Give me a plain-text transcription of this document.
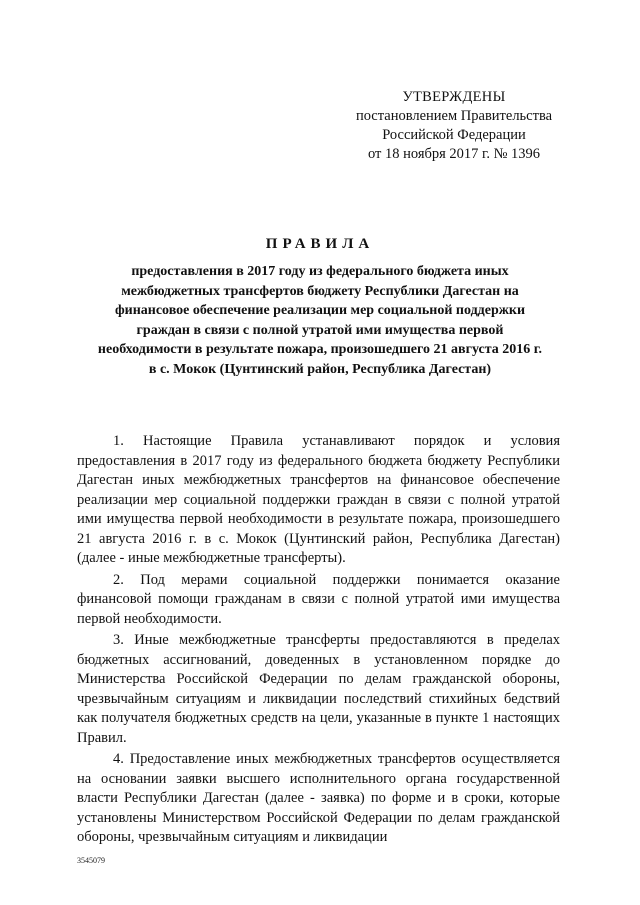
УТВЕРЖДЕНЫ
постановлением Правительства
Российской Федерации
от 18 ноября 2017 г. № 1396
ПРАВИЛА
предоставления в 2017 году из федерального бюджета иных
межбюджетных трансфертов бюджету Республики Дагестан на
финансовое обеспечение реализации мер социальной поддержки
граждан в связи с полной утратой ими имущества первой
необходимости в результате пожара, произошедшего 21 августа 2016 г.
в с. Мокок (Цунтинский район, Республика Дагестан)

1. Настоящие Правила устанавливают порядок и условия предоставления в 2017 году из федерального бюджета бюджету Республики Дагестан иных межбюджетных трансфертов на финансовое обеспечение реализации мер социальной поддержки граждан в связи с полной утратой ими имущества первой необходимости в результате пожара, произошедшего 21 августа 2016 г. в с. Мокок (Цунтинский район, Республика Дагестан) (далее - иные межбюджетные трансферты).

2. Под мерами социальной поддержки понимается оказание финансовой помощи гражданам в связи с полной утратой ими имущества первой необходимости.

3. Иные межбюджетные трансферты предоставляются в пределах бюджетных ассигнований, доведенных в установленном порядке до Министерства Российской Федерации по делам гражданской обороны, чрезвычайным ситуациям и ликвидации последствий стихийных бедствий как получателя бюджетных средств на цели, указанные в пункте 1 настоящих Правил.

4. Предоставление иных межбюджетных трансфертов осуществляется на основании заявки высшего исполнительного органа государственной власти Республики Дагестан (далее - заявка) по форме и в сроки, которые установлены Министерством Российской Федерации по делам гражданской обороны, чрезвычайным ситуациям и ликвидации

3545079
